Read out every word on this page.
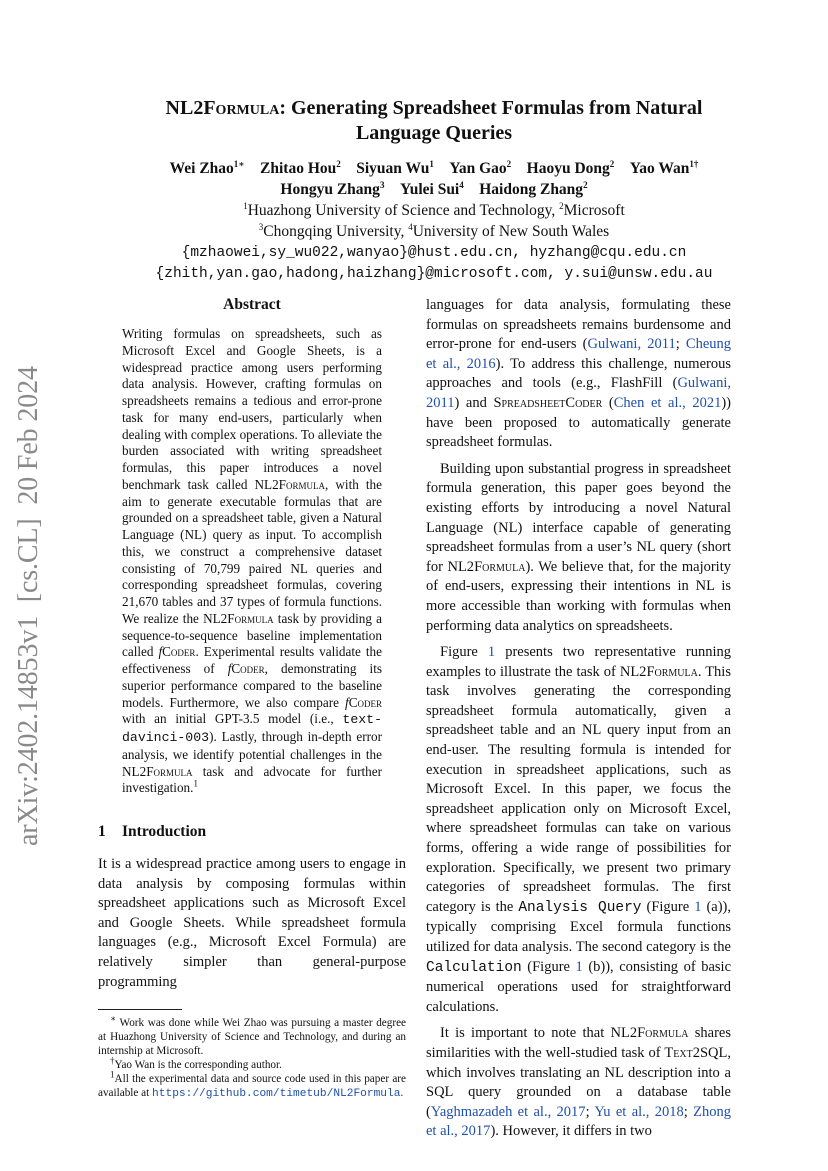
arXiv:2402.14853v1  [cs.CL]  20 Feb 2024
NL2Formula: Generating Spreadsheet Formulas from Natural
Language Queries
Wei Zhao$^{1∗}$  Zhitao Hou$^2$  Siyuan Wu$^1$  Yan Gao$^2$  Haoyu Dong$^2$  Yao Wan$^{1\dagger}$
Hongyu Zhang$^3$  Yulei Sui$^4$  Haidong Zhang$^2$
$^1$Huazhong University of Science and Technology, $^2$Microsoft
$^3$Chongqing University, $^4$University of New South Wales
{mzhaowei,sy_wu022,wanyao}@hust.edu.cn, hyzhang@cqu.edu.cn
{zhith,yan.gao,hadong,haizhang}@microsoft.com, y.sui@unsw.edu.au
Abstract

Writing formulas on spreadsheets, such as Microsoft Excel and Google Sheets, is a widespread practice among users performing data analysis. However, crafting formulas on spreadsheets remains a tedious and error-prone task for many end-users, particularly when dealing with complex operations. To alleviate the burden associated with writing spreadsheet formulas, this paper introduces a novel benchmark task called NL2Formula, with the aim to generate executable formulas that are grounded on a spreadsheet table, given a Natural Language (NL) query as input. To accomplish this, we construct a comprehensive dataset consisting of 70,799 paired NL queries and corresponding spreadsheet formulas, covering 21,670 tables and 37 types of formula functions. We realize the NL2Formula task by providing a sequence-to-sequence baseline implementation called fCoder. Experimental results validate the effectiveness of fCoder, demonstrating its superior performance compared to the baseline models. Furthermore, we also compare fCoder with an initial GPT-3.5 model (i.e., text-davinci-003). Lastly, through in-depth error analysis, we identify potential challenges in the NL2Formula task and advocate for further investigation.$^1$

1 Introduction

It is a widespread practice among users to engage in data analysis by composing formulas within spreadsheet applications such as Microsoft Excel and Google Sheets. While spreadsheet formula languages (e.g., Microsoft Excel Formula) are relatively simpler than general-purpose programming

∗ Work was done while Wei Zhao was pursuing a master degree at Huazhong University of Science and Technology, and during an internship at Microsoft.

†Yao Wan is the corresponding author.

$^1$All the experimental data and source code used in this paper are available at https://github.com/timetub/NL2Formula.

languages for data analysis, formulating these formulas on spreadsheets remains burdensome and error-prone for end-users (Gulwani, 2011; Cheung et al., 2016). To address this challenge, numerous approaches and tools (e.g., FlashFill (Gulwani, 2011) and SpreadsheetCoder (Chen et al., 2021)) have been proposed to automatically generate spreadsheet formulas.

Building upon substantial progress in spreadsheet formula generation, this paper goes beyond the existing efforts by introducing a novel Natural Language (NL) interface capable of generating spreadsheet formulas from a user’s NL query (short for NL2Formula). We believe that, for the majority of end-users, expressing their intentions in NL is more accessible than working with formulas when performing data analytics on spreadsheets.

Figure 1 presents two representative running examples to illustrate the task of NL2Formula. This task involves generating the corresponding spreadsheet formula automatically, given a spreadsheet table and an NL query input from an end-user. The resulting formula is intended for execution in spreadsheet applications, such as Microsoft Excel. In this paper, we focus the spreadsheet application only on Microsoft Excel, where spreadsheet formulas can take on various forms, offering a wide range of possibilities for exploration. Specifically, we present two primary categories of spreadsheet formulas. The first category is the Analysis Query (Figure 1 (a)), typically comprising Excel formula functions utilized for data analysis. The second category is the Calculation (Figure 1 (b)), consisting of basic numerical operations used for straightforward calculations.

It is important to note that NL2Formula shares similarities with the well-studied task of Text2SQL, which involves translating an NL description into a SQL query grounded on a database table (Yaghmazadeh et al., 2017; Yu et al., 2018; Zhong et al., 2017). However, it differs in two
